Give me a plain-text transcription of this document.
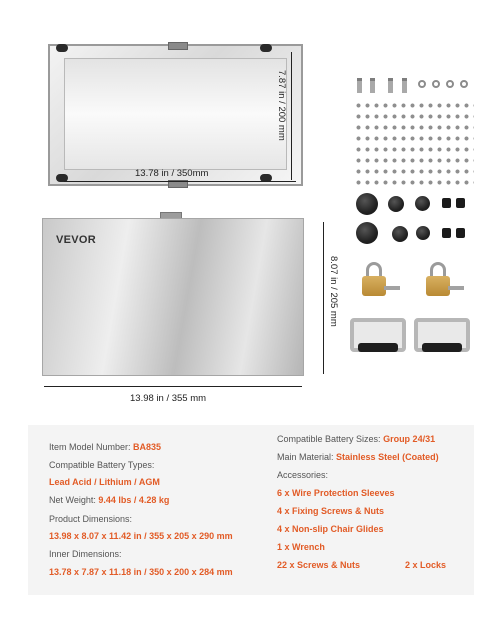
13.78 in / 350mm
7.87 in / 200 mm
VEVOR
8.07 in / 205 mm
13.98 in / 355 mm
Item Model Number: BA835
Compatible Battery Types:
Lead Acid / Lithium / AGM
Net Weight: 9.44 lbs / 4.28 kg
Product Dimensions:
13.98 x 8.07 x 11.42 in / 355 x 205 x 290 mm
Inner Dimensions:
13.78 x 7.87 x 11.18 in / 350 x 200 x 284 mm
Compatible Battery Sizes: Group 24/31
Main Material: Stainless Steel (Coated)
Accessories:
6 x Wire Protection Sleeves
4 x Fixing Screws & Nuts
4 x Non-slip Chair Glides
1 x Wrench
22 x Screws & Nuts	2 x Locks
